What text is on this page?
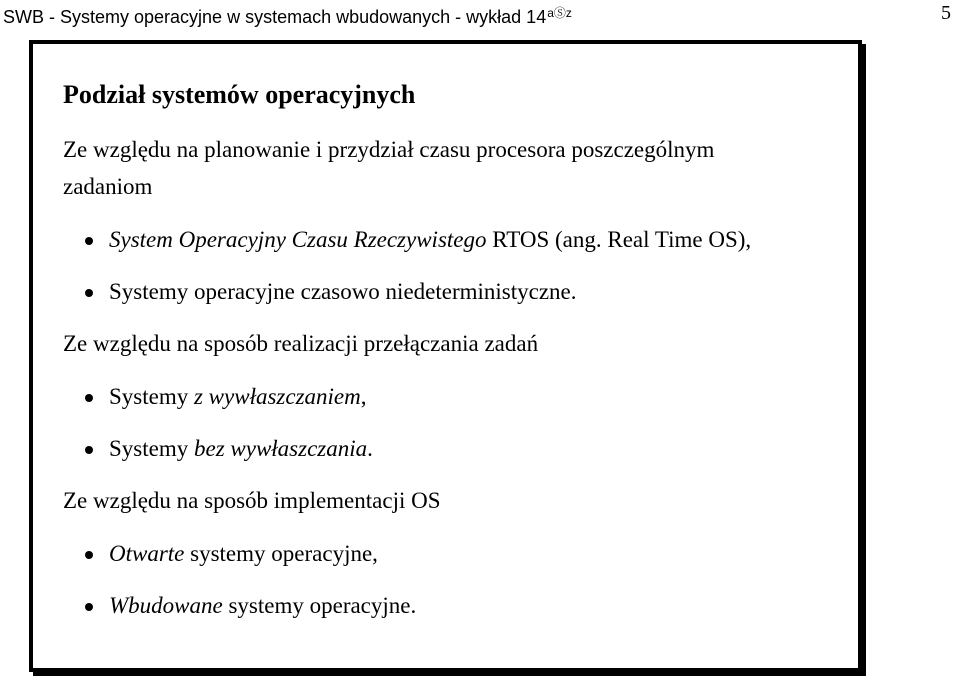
SWB - Systemy operacyjne w systemach wbudowanych - wykład $14^{aⓈz}$	5
Podział systemów operacyjnych

Ze względu na planowanie i przydział czasu procesora poszczególnym
zadaniom

System Operacyjny Czasu Rzeczywistego RTOS (ang. Real Time OS),
Systemy operacyjne czasowo niedeterministyczne.

Ze względu na sposób realizacji przełączania zadań

Systemy z wywłaszczaniem,
Systemy bez wywłaszczania.

Ze względu na sposób implementacji OS

Otwarte systemy operacyjne,
Wbudowane systemy operacyjne.
